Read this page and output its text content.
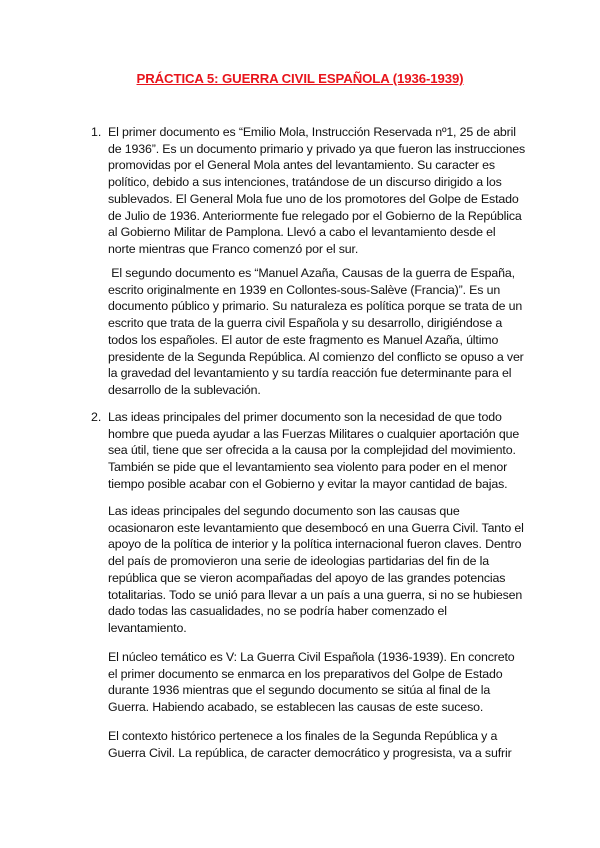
PRÁCTICA 5: GUERRA CIVIL ESPAÑOLA (1936-1939)
1. El primer documento es “Emilio Mola, Instrucción Reservada nº1, 25 de abril

de 1936”. Es un documento primario y privado ya que fueron las instrucciones

promovidas por el General Mola antes del levantamiento. Su caracter es

político, debido a sus intenciones, tratándose de un discurso dirigido a los

sublevados. El General Mola fue uno de los promotores del Golpe de Estado

de Julio de 1936. Anteriormente fue relegado por el Gobierno de la República

al Gobierno Militar de Pamplona. Llevó a cabo el levantamiento desde el

norte mientras que Franco comenzó por el sur.

El segundo documento es “Manuel Azaña, Causas de la guerra de España,

escrito originalmente en 1939 en Collontes-sous-Salève (Francia)”. Es un

documento público y primario. Su naturaleza es política porque se trata de un

escrito que trata de la guerra civil Española y su desarrollo, dirigiéndose a

todos los españoles. El autor de este fragmento es Manuel Azaña, último

presidente de la Segunda República. Al comienzo del conflicto se opuso a ver

la gravedad del levantamiento y su tardía reacción fue determinante para el

desarrollo de la sublevación.

2. Las ideas principales del primer documento son la necesidad de que todo

hombre que pueda ayudar a las Fuerzas Militares o cualquier aportación que

sea útil, tiene que ser ofrecida a la causa por la complejidad del movimiento.

También se pide que el levantamiento sea violento para poder en el menor

tiempo posible acabar con el Gobierno y evitar la mayor cantidad de bajas.

Las ideas principales del segundo documento son las causas que

ocasionaron este levantamiento que desembocó en una Guerra Civil. Tanto el

apoyo de la política de interior y la política internacional fueron claves. Dentro

del país de promovieron una serie de ideologias partidarias del fin de la

república que se vieron acompañadas del apoyo de las grandes potencias

totalitarias. Todo se unió para llevar a un país a una guerra, si no se hubiesen

dado todas las casualidades, no se podría haber comenzado el

levantamiento.

El núcleo temático es V: La Guerra Civil Española (1936-1939). En concreto

el primer documento se enmarca en los preparativos del Golpe de Estado

durante 1936 mientras que el segundo documento se sitúa al final de la

Guerra. Habiendo acabado, se establecen las causas de este suceso.

El contexto histórico pertenece a los finales de la Segunda República y a

Guerra Civil. La república, de caracter democrático y progresista, va a sufrir
